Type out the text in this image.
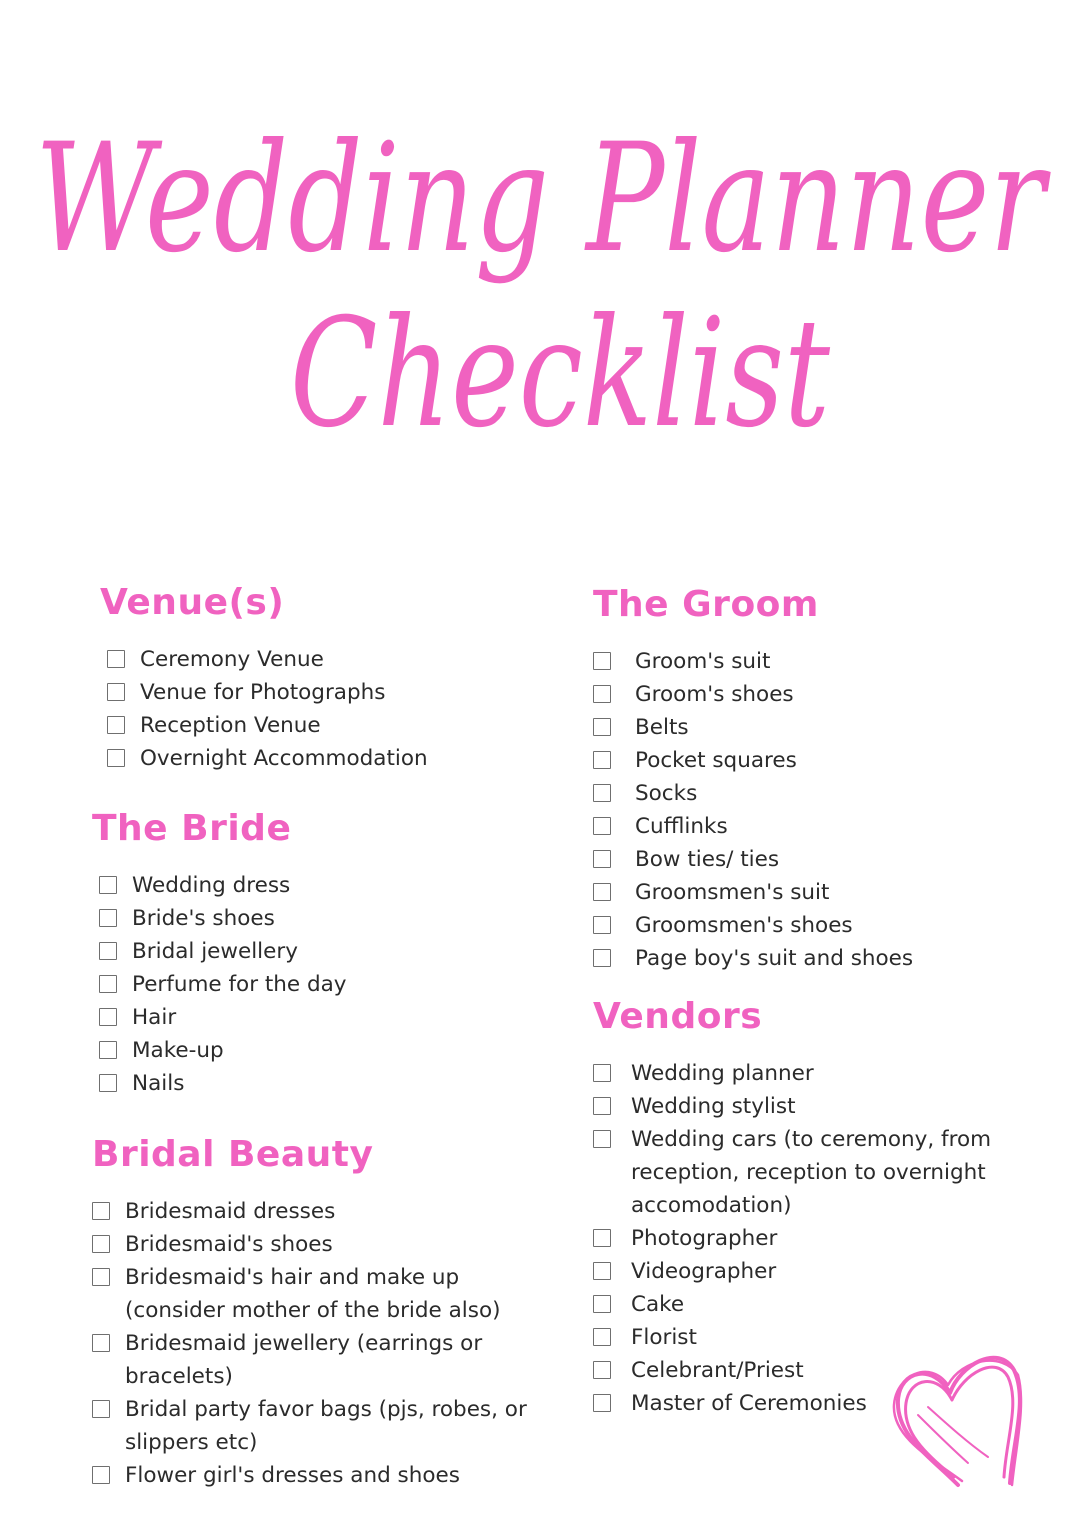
Wedding Planner
Checklist
Venue(s)
Ceremony Venue
Venue for Photographs
Reception Venue
Overnight Accommodation
The Bride
Wedding dress
Bride's shoes
Bridal jewellery
Perfume for the day
Hair
Make-up
Nails
Bridal Beauty
Bridesmaid dresses
Bridesmaid's shoes
Bridesmaid's hair and make up (consider mother of the bride also)
Bridesmaid jewellery (earrings or bracelets)
Bridal party favor bags (pjs, robes, or slippers etc)
Flower girl's dresses and shoes
The Groom
Groom's suit
Groom's shoes
Belts
Pocket squares
Socks
Cufflinks
Bow ties/ ties
Groomsmen's suit
Groomsmen's shoes
Page boy's suit and shoes
Vendors
Wedding planner
Wedding stylist
Wedding cars (to ceremony, from reception, reception to overnight accomodation)
Photographer
Videographer
Cake
Florist
Celebrant/Priest
Master of Ceremonies
